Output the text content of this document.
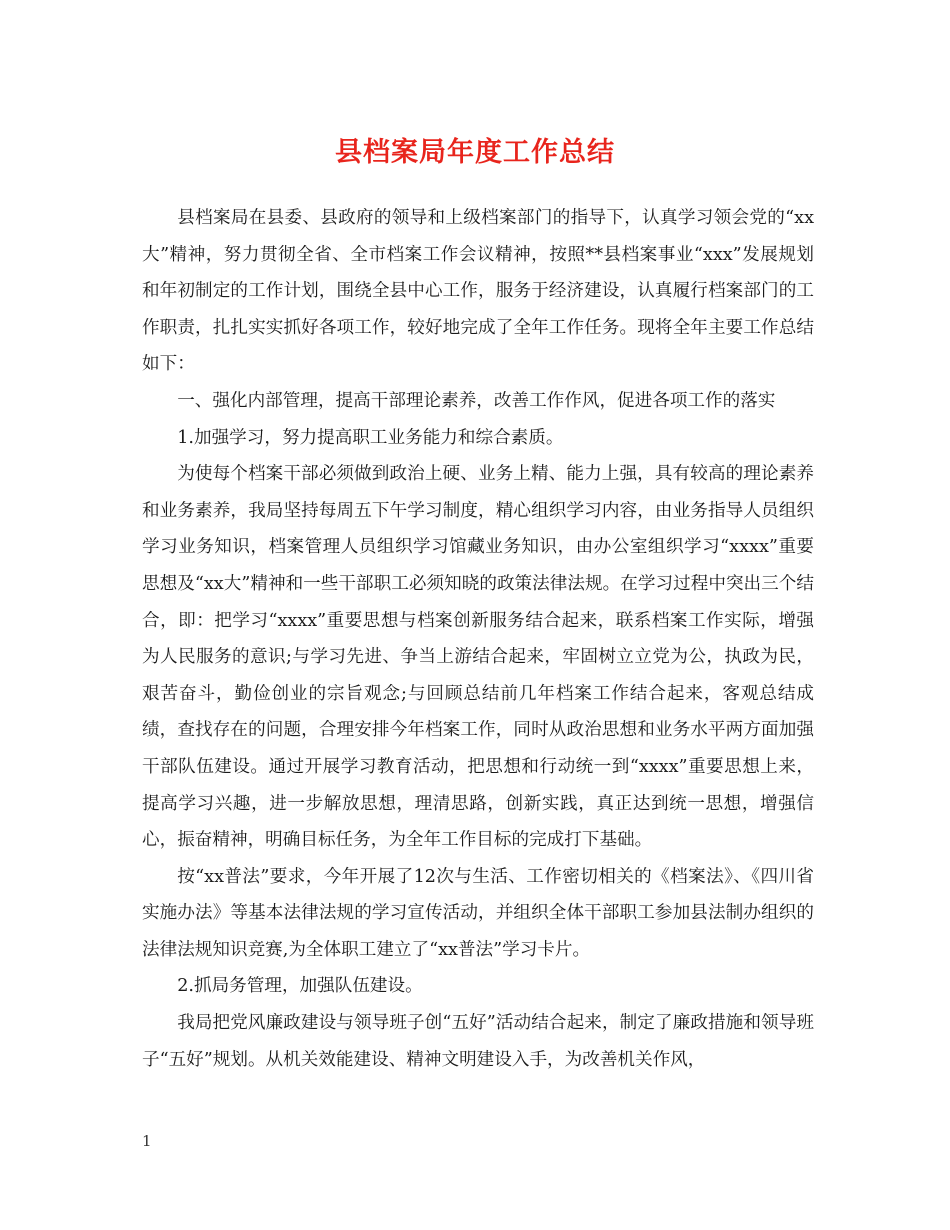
县档案局年度工作总结

县档案局在县委、县政府的领导和上级档案部门的指导下，认真学习领会党的“xx大”精神，努力贯彻全省、全市档案工作会议精神，按照**县档案事业“xxx”发展规划和年初制定的工作计划，围绕全县中心工作，服务于经济建设，认真履行档案部门的工作职责，扎扎实实抓好各项工作，较好地完成了全年工作任务。现将全年主要工作总结如下：

一、强化内部管理，提高干部理论素养，改善工作作风，促进各项工作的落实

1.加强学习，努力提高职工业务能力和综合素质。

为使每个档案干部必须做到政治上硬、业务上精、能力上强，具有较高的理论素养和业务素养，我局坚持每周五下午学习制度，精心组织学习内容，由业务指导人员组织学习业务知识，档案管理人员组织学习馆藏业务知识，由办公室组织学习“xxxx”重要思想及“xx大”精神和一些干部职工必须知晓的政策法律法规。在学习过程中突出三个结合，即：把学习“xxxx”重要思想与档案创新服务结合起来，联系档案工作实际，增强为人民服务的意识;与学习先进、争当上游结合起来，牢固树立立党为公，执政为民，艰苦奋斗，勤俭创业的宗旨观念;与回顾总结前几年档案工作结合起来，客观总结成绩，查找存在的问题，合理安排今年档案工作，同时从政治思想和业务水平两方面加强干部队伍建设。通过开展学习教育活动，把思想和行动统一到“xxxx”重要思想上来，提高学习兴趣，进一步解放思想，理清思路，创新实践，真正达到统一思想，增强信心，振奋精神，明确目标任务，为全年工作目标的完成打下基础。

按“xx普法”要求，今年开展了12次与生活、工作密切相关的《档案法》、《四川省实施办法》等基本法律法规的学习宣传活动，并组织全体干部职工参加县法制办组织的法律法规知识竞赛,为全体职工建立了“xx普法”学习卡片。

2.抓局务管理，加强队伍建设。

我局把党风廉政建设与领导班子创“五好”活动结合起来，制定了廉政措施和领导班子“五好”规划。从机关效能建设、精神文明建设入手，为改善机关作风，

1
